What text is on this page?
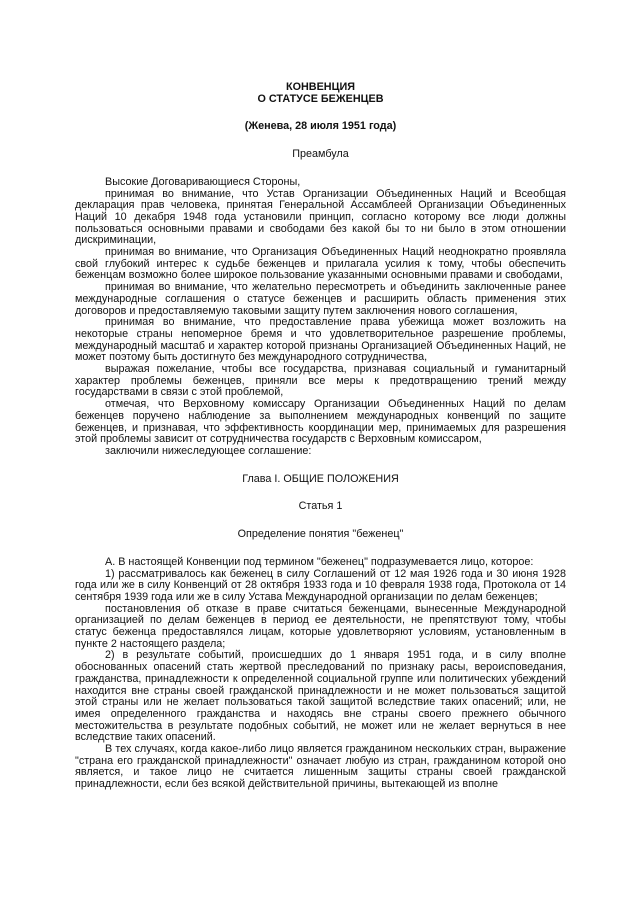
КОНВЕНЦИЯ
О СТАТУСЕ БЕЖЕНЦЕВ
(Женева, 28 июля 1951 года)
Преамбула

Высокие Договаривающиеся Стороны,

принимая во внимание, что Устав Организации Объединенных Наций и Всеобщая декларация прав человека, принятая Генеральной Ассамблеей Организации Объединенных Наций 10 декабря 1948 года установили принцип, согласно которому все люди должны пользоваться основными правами и свободами без какой бы то ни было в этом отношении дискриминации,

принимая во внимание, что Организация Объединенных Наций неоднократно проявляла свой глубокий интерес к судьбе беженцев и прилагала усилия к тому, чтобы обеспечить беженцам возможно более широкое пользование указанными основными правами и свободами,

принимая во внимание, что желательно пересмотреть и объединить заключенные ранее международные соглашения о статусе беженцев и расширить область применения этих договоров и предоставляемую таковыми защиту путем заключения нового соглашения,

принимая во внимание, что предоставление права убежища может возложить на некоторые страны непомерное бремя и что удовлетворительное разрешение проблемы, международный масштаб и характер которой признаны Организацией Объединенных Наций, не может поэтому быть достигнуто без международного сотрудничества,

выражая пожелание, чтобы все государства, признавая социальный и гуманитарный характер проблемы беженцев, приняли все меры к предотвращению трений между государствами в связи с этой проблемой,

отмечая, что Верховному комиссару Организации Объединенных Наций по делам беженцев поручено наблюдение за выполнением международных конвенций по защите беженцев, и признавая, что эффективность координации мер, принимаемых для разрешения этой проблемы зависит от сотрудничества государств с Верховным комиссаром,

заключили нижеследующее соглашение:

Глава I. ОБЩИЕ ПОЛОЖЕНИЯ
Статья 1
Определение понятия "беженец"

А. В настоящей Конвенции под термином "беженец" подразумевается лицо, которое:

1) рассматривалось как беженец в силу Соглашений от 12 мая 1926 года и 30 июня 1928 года или же в силу Конвенций от 28 октября 1933 года и 10 февраля 1938 года, Протокола от 14 сентября 1939 года или же в силу Устава Международной организации по делам беженцев;

постановления об отказе в праве считаться беженцами, вынесенные Международной организацией по делам беженцев в период ее деятельности, не препятствуют тому, чтобы статус беженца предоставлялся лицам, которые удовлетворяют условиям, установленным в пункте 2 настоящего раздела;

2) в результате событий, происшедших до 1 января 1951 года, и в силу вполне обоснованных опасений стать жертвой преследований по признаку расы, вероисповедания, гражданства, принадлежности к определенной социальной группе или политических убеждений находится вне страны своей гражданской принадлежности и не может пользоваться защитой этой страны или не желает пользоваться такой защитой вследствие таких опасений; или, не имея определенного гражданства и находясь вне страны своего прежнего обычного местожительства в результате подобных событий, не может или не желает вернуться в нее вследствие таких опасений.

В тех случаях, когда какое-либо лицо является гражданином нескольких стран, выражение "страна его гражданской принадлежности" означает любую из стран, гражданином которой оно является, и такое лицо не считается лишенным защиты страны своей гражданской принадлежности, если без всякой действительной причины, вытекающей из вполне
